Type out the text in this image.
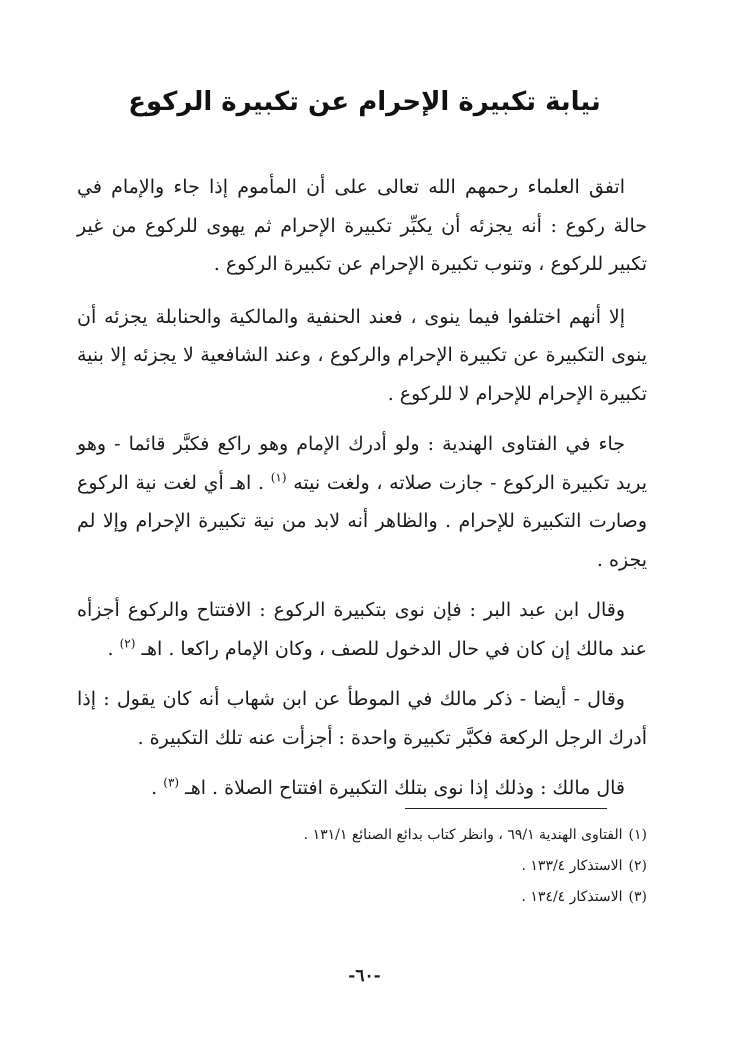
نيابة تكبيرة الإحرام عن تكبيرة الركوع

اتفق العلماء رحمهم الله تعالى على أن المأموم إذا جاء والإمام في حالة ركوع : أنه يجزئه أن يكبِّر تكبيرة الإحرام ثم يهوى للركوع من غير تكبير للركوع ، وتنوب تكبيرة الإحرام عن تكبيرة الركوع .

إلا أنهم اختلفوا فيما ينوى ، فعند الحنفية والمالكية والحنابلة يجزئه أن ينوى التكبيرة عن تكبيرة الإحرام والركوع ، وعند الشافعية لا يجزئه إلا بنية تكبيرة الإحرام للإحرام لا للركوع .

جاء في الفتاوى الهندية : ولو أدرك الإمام وهو راكع فكبَّر قائما - وهو يريد تكبيرة الركوع - جازت صلاته ، ولغت نيته $^{(١)}$ . اهـ أي لغت نية الركوع وصارت التكبيرة للإحرام . والظاهر أنه لابد من نية تكبيرة الإحرام وإلا لم يجزه .

وقال ابن عبد البر : فإن نوى بتكبيرة الركوع : الافتتاح والركوع أجزأه عند مالك إن كان في حال الدخول للصف ، وكان الإمام راكعا . اهـ $^{(٢)}$ .

وقال - أيضا - ذكر مالك في الموطأ عن ابن شهاب أنه كان يقول : إذا أدرك الرجل الركعة فكبَّر تكبيرة واحدة : أجزأت عنه تلك التكبيرة .

قال مالك : وذلك إذا نوى بتلك التكبيرة افتتاح الصلاة . اهـ $^{(٣)}$ .

(١)الفتاوى الهندية ٦٩/١ ، وانظر كتاب بدائع الصنائع ١٣١/١ .

(٢)الاستذكار ١٣٣/٤ .

(٣)الاستذكار ١٣٤/٤ .

-٦٠-
